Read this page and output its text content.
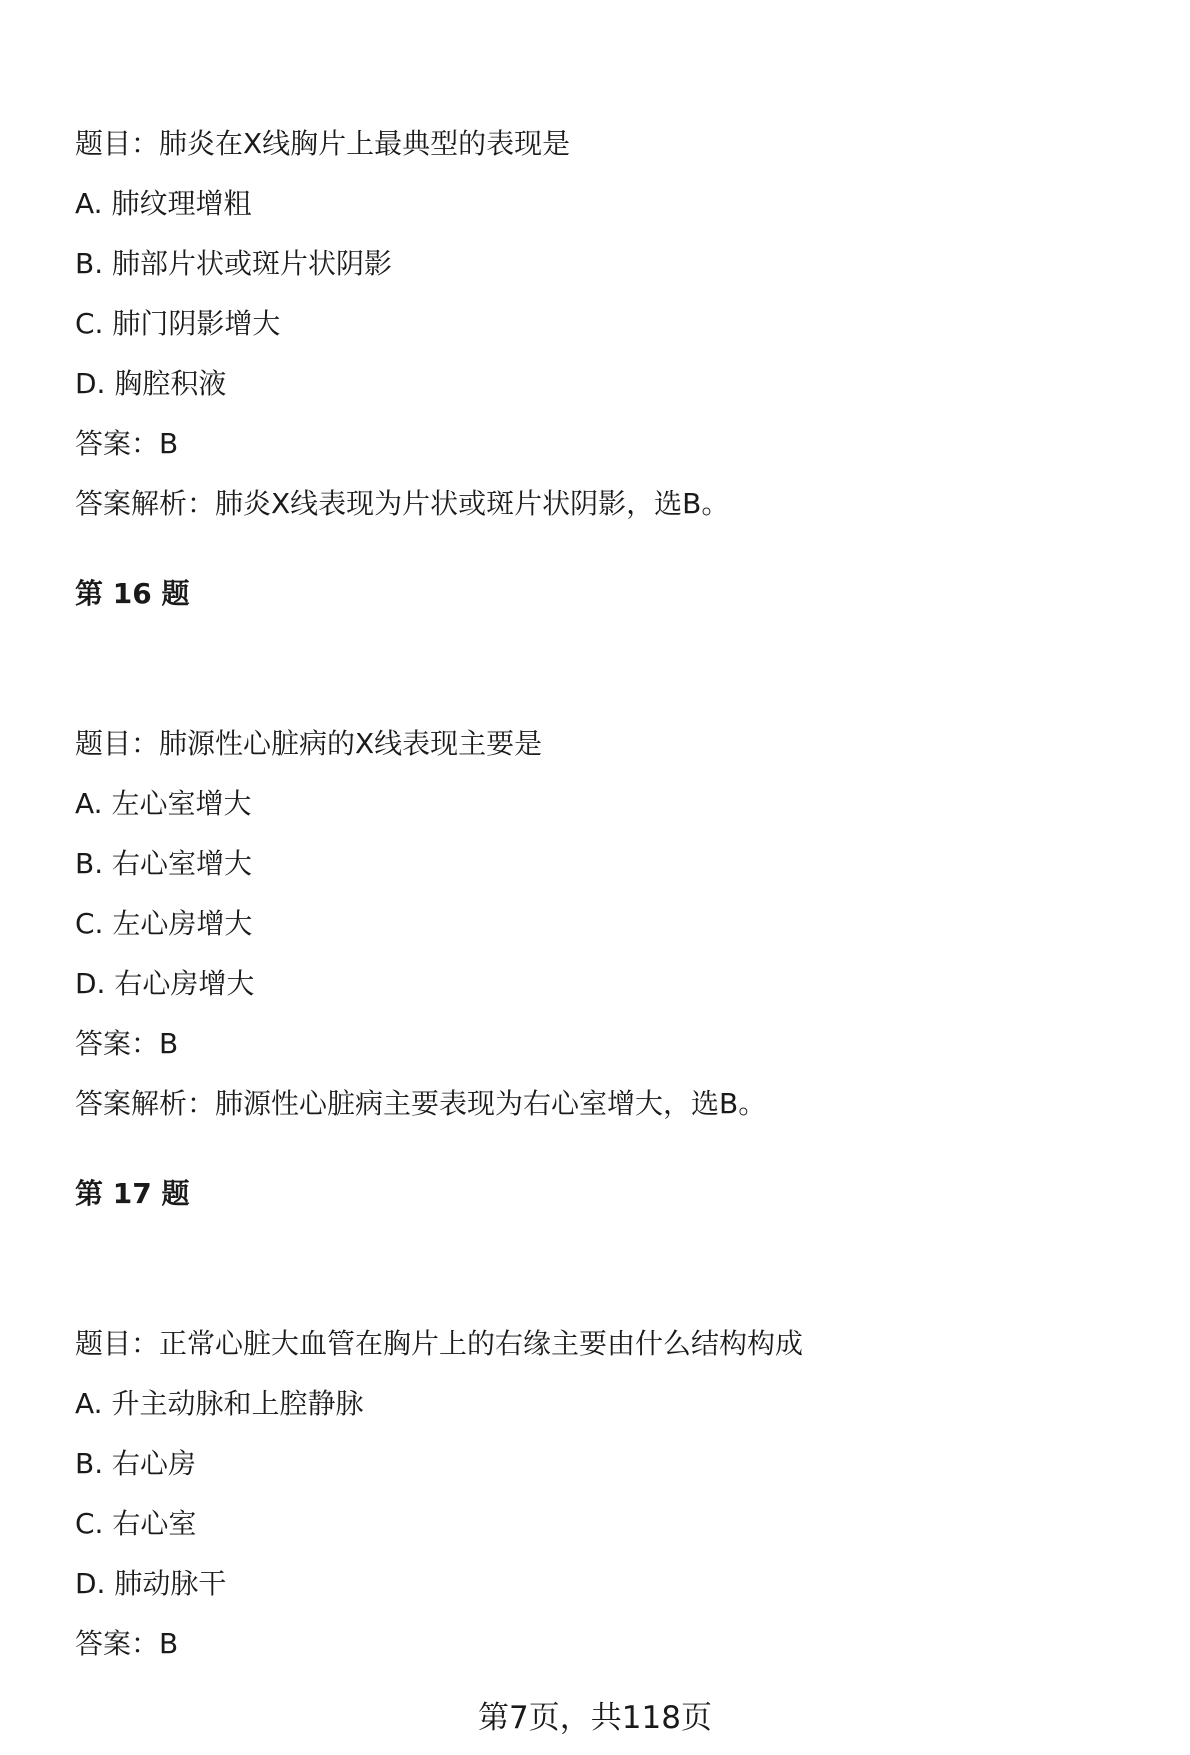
题目：肺炎在X线胸片上最典型的表现是
A. 肺纹理增粗
B. 肺部片状或斑片状阴影
C. 肺门阴影增大
D. 胸腔积液
答案：B
答案解析：肺炎X线表现为片状或斑片状阴影，选B。
第 16 题
题目：肺源性心脏病的X线表现主要是
A. 左心室增大
B. 右心室增大
C. 左心房增大
D. 右心房增大
答案：B
答案解析：肺源性心脏病主要表现为右心室增大，选B。
第 17 题
题目：正常心脏大血管在胸片上的右缘主要由什么结构构成
A. 升主动脉和上腔静脉
B. 右心房
C. 右心室
D. 肺动脉干
答案：B
第7页，共118页
